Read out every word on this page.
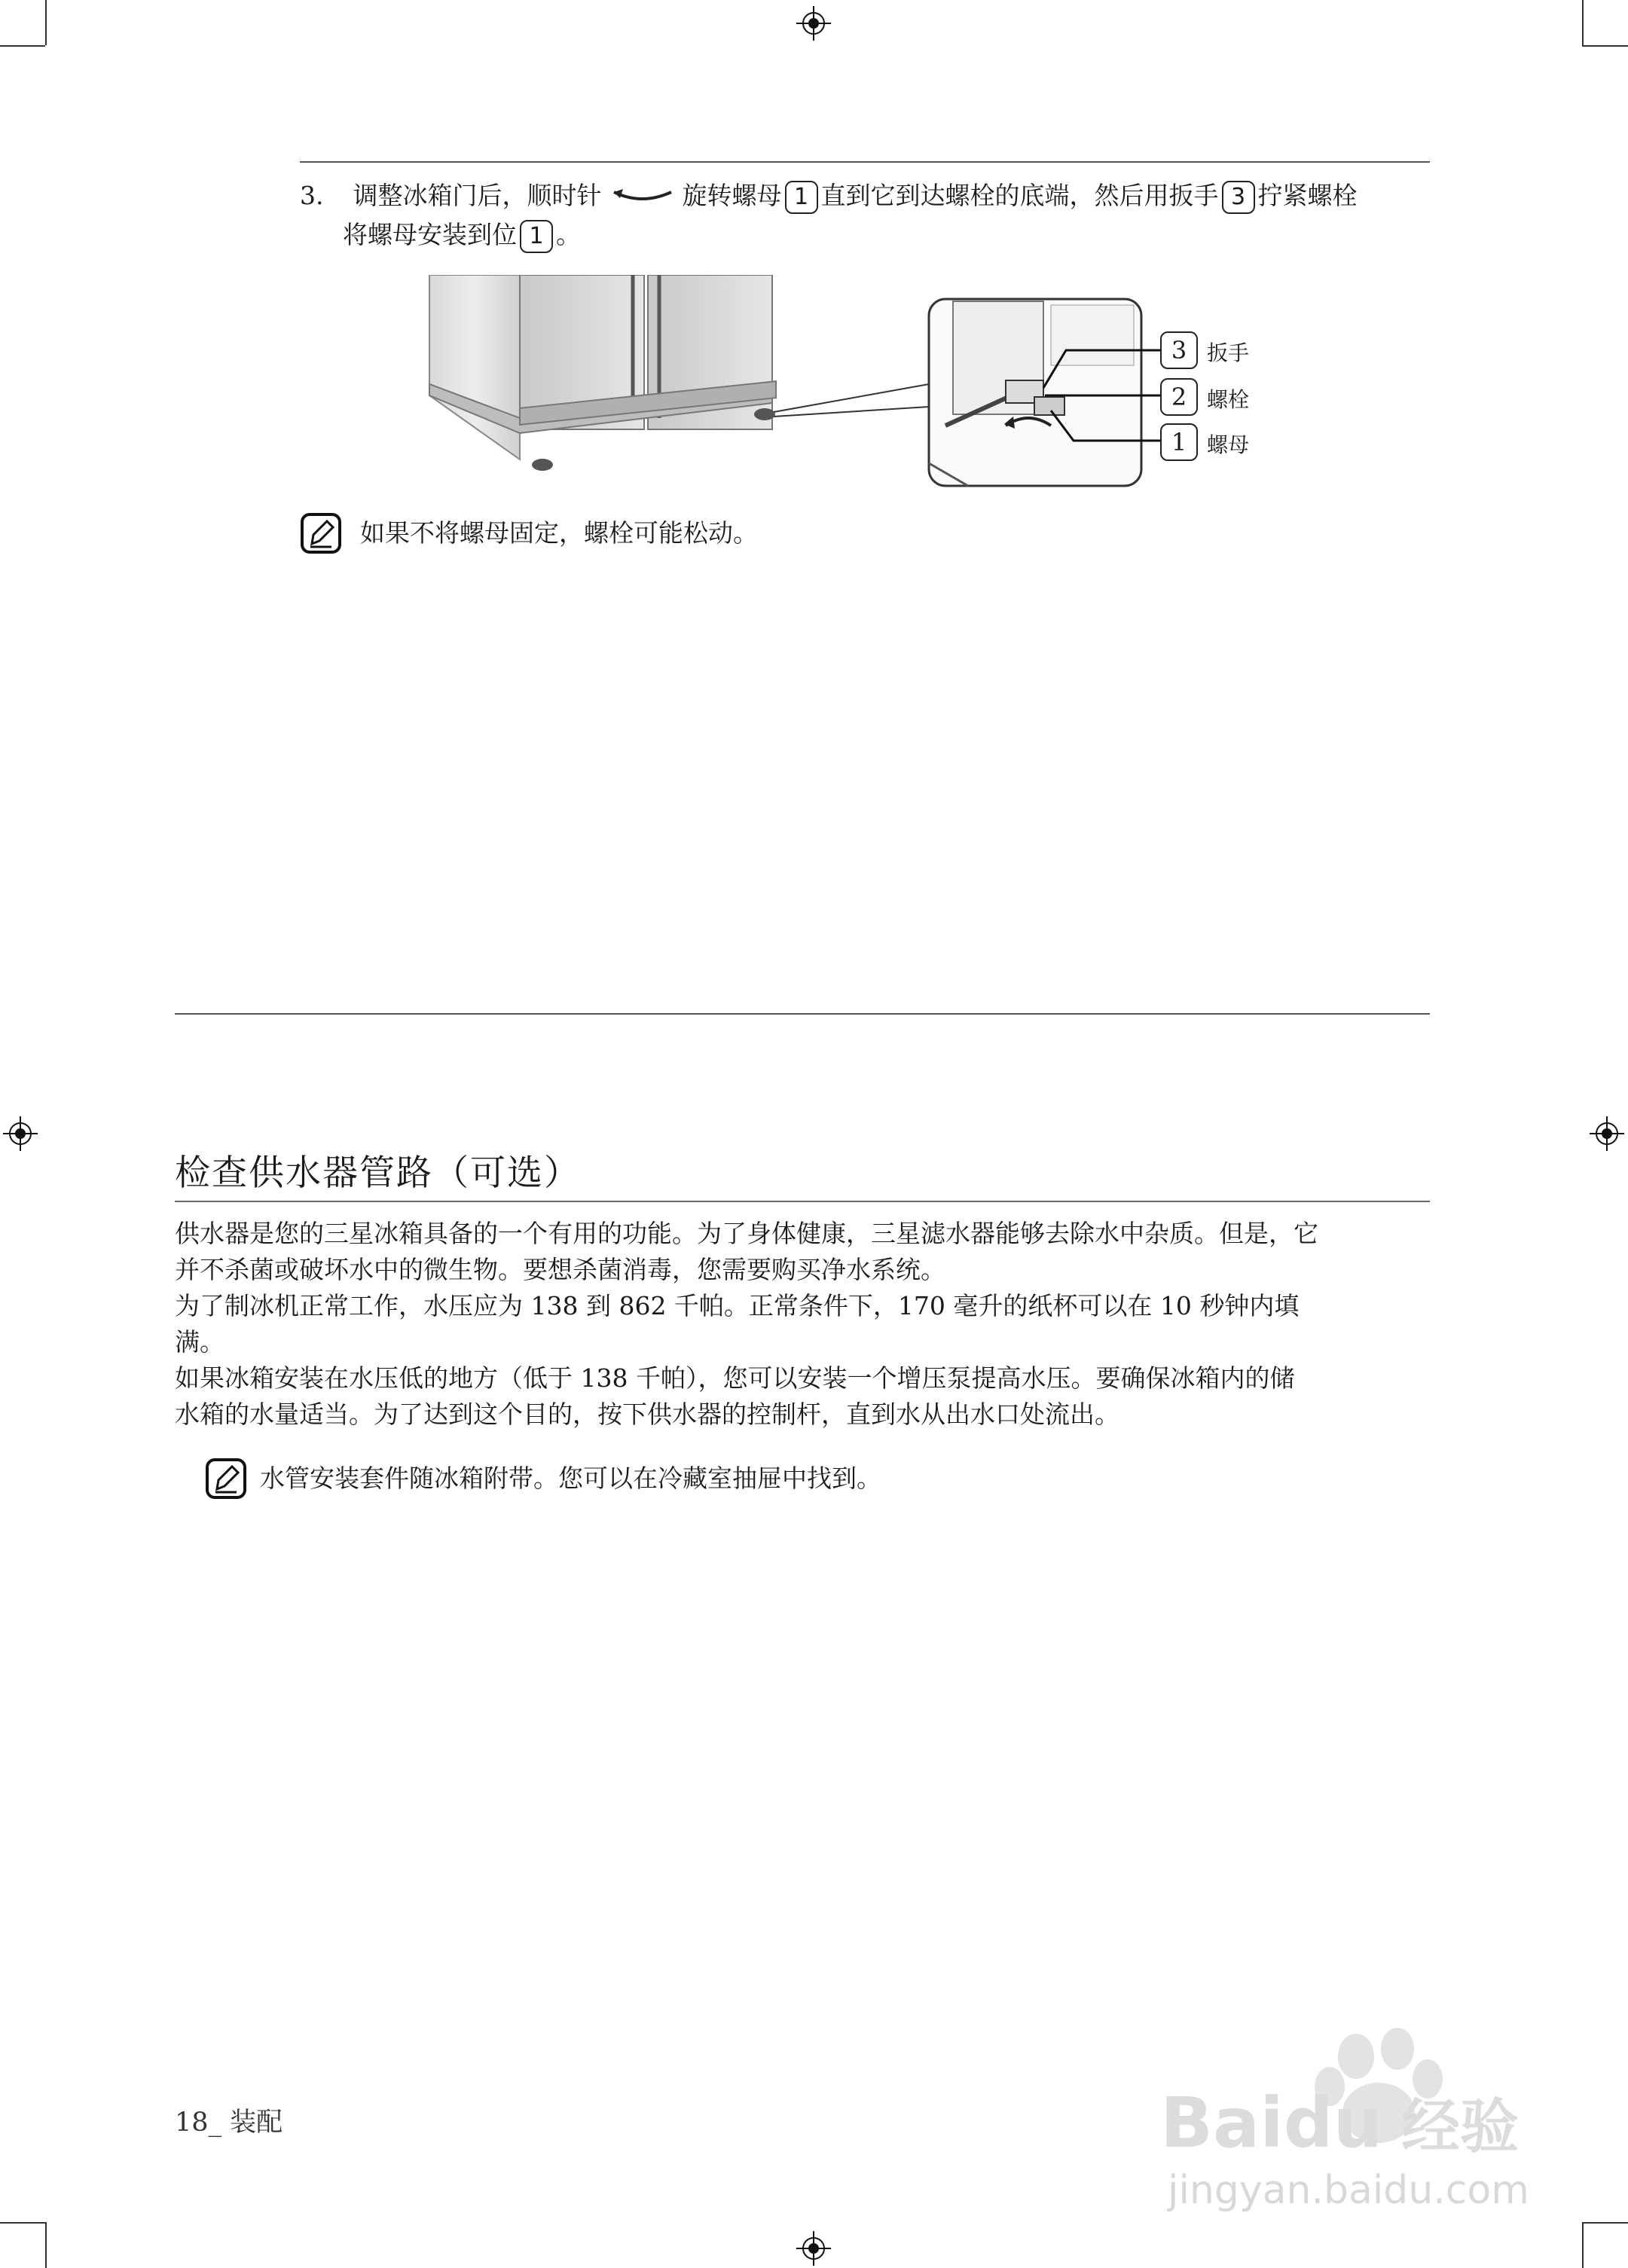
3. 调整冰箱门后，顺时针	旋转螺母 1 直到它到达螺栓的底端，然后用扳手 3 拧紧螺栓
将螺母安装到位 1 。
3 扳手
2 螺栓
1 螺母
如果不将螺母固定，螺栓可能松动。
检查供水器管路（可选）
供水器是您的三星冰箱具备的一个有用的功能。为了身体健康，三星滤水器能够去除水中杂质。但是，它
并不杀菌或破坏水中的微生物。要想杀菌消毒，您需要购买净水系统。
为了制冰机正常工作，水压应为 138 到 862 千帕。正常条件下，170 毫升的纸杯可以在 10 秒钟内填
满。
如果冰箱安装在水压低的地方（低于 138 千帕），您可以安装一个增压泵提高水压。要确保冰箱内的储
水箱的水量适当。为了达到这个目的，按下供水器的控制杆，直到水从出水口处流出。
水管安装套件随冰箱附带。您可以在冷藏室抽屉中找到。
Baidu 经验
jingyan.baidu.com
18_ 装配
